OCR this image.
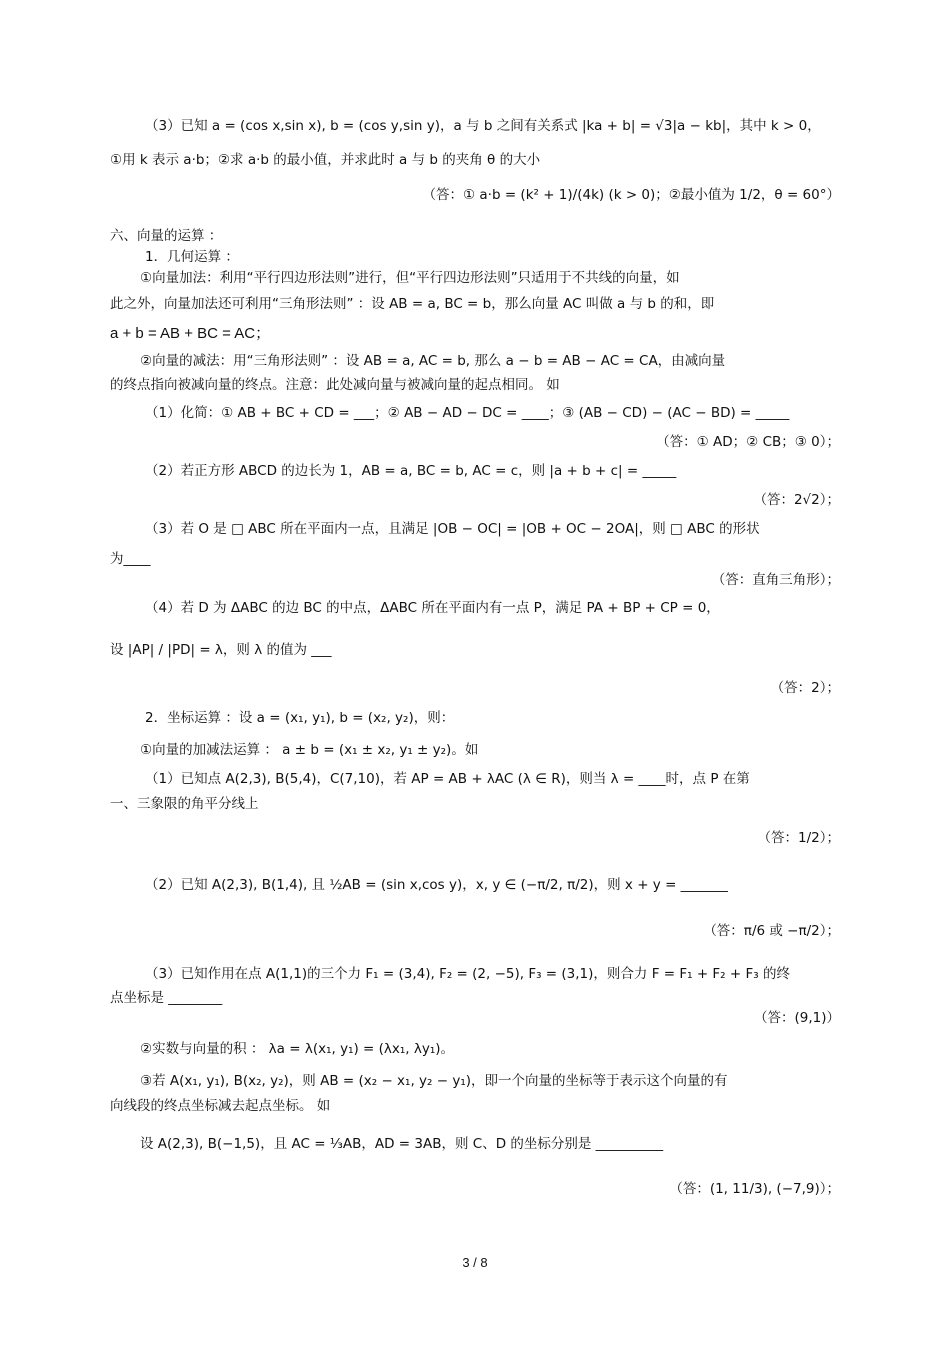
（3）已知 a = (cos x,sin x), b = (cos y,sin y)，a 与 b 之间有关系式 |ka + b| = √3|a − kb|，其中 k > 0，
①用 k 表示 a·b；②求 a·b 的最小值，并求此时 a 与 b 的夹角 θ 的大小
（答：① a·b = (k² + 1)/(4k) (k > 0)；②最小值为 1/2，θ = 60°）
六、向量的运算 ：
1．几何运算 ：
①向量加法：利用“平行四边形法则”进行，但“平行四边形法则”只适用于不共线的向量，如
此之外，向量加法还可利用“三角形法则” ：设 AB = a, BC = b，那么向量 AC 叫做 a 与 b 的和，即
a + b = AB + BC = AC；
②向量的减法：用“三角形法则” ：设 AB = a, AC = b, 那么 a − b = AB − AC = CA，由减向量
的终点指向被减向量的终点。注意：此处减向量与被减向量的起点相同。 如
（1）化简：① AB + BC + CD = ___；② AB − AD − DC = ____；③ (AB − CD) − (AC − BD) = _____
（答：① AD；② CB；③ 0）；
（2）若正方形 ABCD 的边长为 1，AB = a, BC = b, AC = c，则 |a + b + c| = _____
（答：2√2）；
（3）若 O 是 □ ABC 所在平面内一点，且满足 |OB − OC| = |OB + OC − 2OA|，则 □ ABC 的形状
为____
（答：直角三角形）；
（4）若 D 为 ΔABC 的边 BC 的中点，ΔABC 所在平面内有一点 P，满足 PA + BP + CP = 0，
设 |AP| / |PD| = λ，则 λ 的值为 ___
（答：2）；
2．坐标运算 ：设 a = (x₁, y₁), b = (x₂, y₂)，则：
①向量的加减法运算 ： a ± b = (x₁ ± x₂, y₁ ± y₂)。如
（1）已知点 A(2,3), B(5,4)，C(7,10)，若 AP = AB + λAC (λ ∈ R)，则当 λ = ____时，点 P 在第
一、三象限的角平分线上
（答：1/2）；
（2）已知 A(2,3), B(1,4), 且 ½AB = (sin x,cos y)，x, y ∈ (−π/2, π/2)，则 x + y = _______
（答：π/6 或 −π/2）；
（3）已知作用在点 A(1,1)的三个力 F₁ = (3,4), F₂ = (2, −5), F₃ = (3,1)，则合力 F = F₁ + F₂ + F₃ 的终
点坐标是 ________
（答：(9,1)）
②实数与向量的积 ： λa = λ(x₁, y₁) = (λx₁, λy₁)。
③若 A(x₁, y₁), B(x₂, y₂)，则 AB = (x₂ − x₁, y₂ − y₁)，即一个向量的坐标等于表示这个向量的有
向线段的终点坐标减去起点坐标。 如
设 A(2,3), B(−1,5)，且 AC = ⅓AB，AD = 3AB，则 C、D 的坐标分别是 __________
（答：(1, 11/3), (−7,9)）；
3 / 8
